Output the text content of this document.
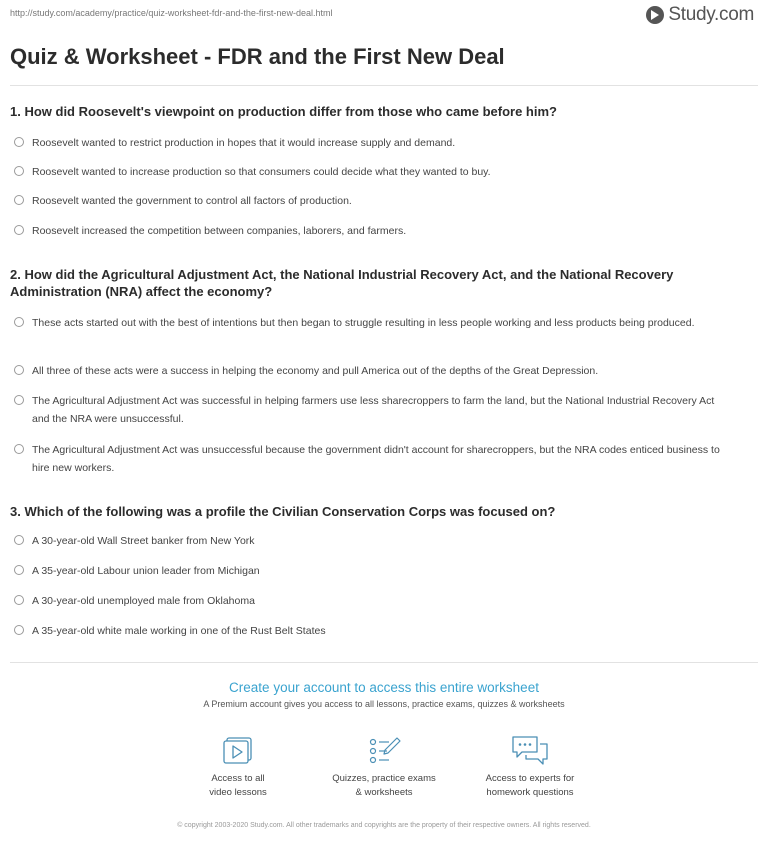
http://study.com/academy/practice/quiz-worksheet-fdr-and-the-first-new-deal.html	Study.com
Quiz & Worksheet - FDR and the First New Deal
1. How did Roosevelt's viewpoint on production differ from those who came before him?
Roosevelt wanted to restrict production in hopes that it would increase supply and demand.
Roosevelt wanted to increase production so that consumers could decide what they wanted to buy.
Roosevelt wanted the government to control all factors of production.
Roosevelt increased the competition between companies, laborers, and farmers.
2. How did the Agricultural Adjustment Act, the National Industrial Recovery Act, and the National Recovery Administration (NRA) affect the economy?
These acts started out with the best of intentions but then began to struggle resulting in less people working and less products being produced.
All three of these acts were a success in helping the economy and pull America out of the depths of the Great Depression.
The Agricultural Adjustment Act was successful in helping farmers use less sharecroppers to farm the land, but the National Industrial Recovery Act and the NRA were unsuccessful.
The Agricultural Adjustment Act was unsuccessful because the government didn't account for sharecroppers, but the NRA codes enticed business to hire new workers.
3. Which of the following was a profile the Civilian Conservation Corps was focused on?
A 30-year-old Wall Street banker from New York
A 35-year-old Labour union leader from Michigan
A 30-year-old unemployed male from Oklahoma
A 35-year-old white male working in one of the Rust Belt States
Create your account to access this entire worksheet
A Premium account gives you access to all lessons, practice exams, quizzes & worksheets
Access to all
video lessons
Quizzes, practice exams
& worksheets
Access to experts for
homework questions
© copyright 2003-2020 Study.com. All other trademarks and copyrights are the property of their respective owners. All rights reserved.
